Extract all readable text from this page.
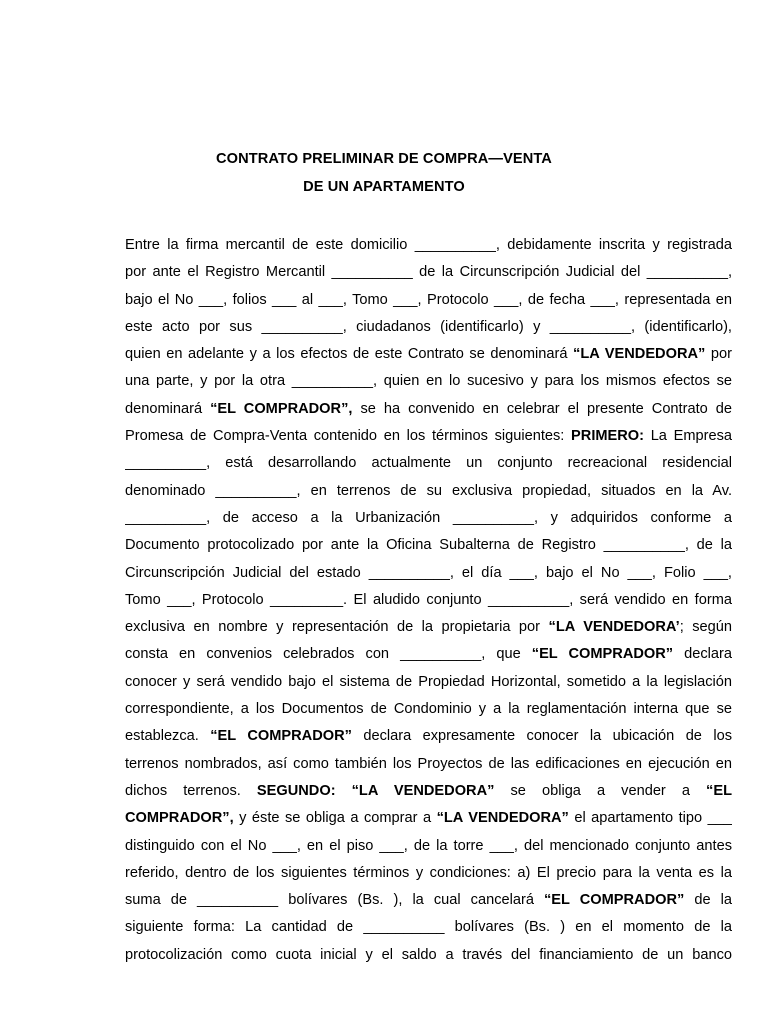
CONTRATO PRELIMINAR DE COMPRA—VENTA
DE UN APARTAMENTO
Entre la firma mercantil de este domicilio __________, debidamente inscrita y registrada
por ante el Registro Mercantil __________ de la Circunscripción Judicial del __________,
bajo el No ___, folios ___ al ___, Tomo ___, Protocolo ___, de fecha ___, representada en
este acto por sus __________, ciudadanos (identificarlo) y __________, (identificarlo),
quien en adelante y a los efectos de este Contrato se denominará “LA VENDEDORA” por
una parte, y por la otra __________, quien en lo sucesivo y para los mismos efectos se
denominará “EL COMPRADOR”, se ha convenido en celebrar el presente Contrato de
Promesa de Compra-Venta contenido en los términos siguientes: PRIMERO: La Empresa
__________, está desarrollando actualmente un conjunto recreacional residencial
denominado __________, en terrenos de su exclusiva propiedad, situados en la Av.
__________, de acceso a la Urbanización __________, y adquiridos conforme a
Documento protocolizado por ante la Oficina Subalterna de Registro __________, de la
Circunscripción Judicial del estado __________, el día ___, bajo el No ___, Folio ___,
Tomo ___, Protocolo _________. El aludido conjunto __________, será vendido en forma
exclusiva en nombre y representación de la propietaria por “LA VENDEDORA’; según
consta en convenios celebrados con __________, que “EL COMPRADOR” declara
conocer y será vendido bajo el sistema de Propiedad Horizontal, sometido a la legislación
correspondiente, a los Documentos de Condominio y a la reglamentación interna que se
establezca. “EL COMPRADOR” declara expresamente conocer la ubicación de los
terrenos nombrados, así como también los Proyectos de las edificaciones en ejecución en
dichos terrenos. SEGUNDO: “LA VENDEDORA” se obliga a vender a “EL
COMPRADOR”, y éste se obliga a comprar a “LA VENDEDORA” el apartamento tipo ___
distinguido con el No ___, en el piso ___, de la torre ___, del mencionado conjunto antes
referido, dentro de los siguientes términos y condiciones: a) El precio para la venta es la
suma de __________ bolívares (Bs. ), la cual cancelará “EL COMPRADOR” de la
siguiente forma: La cantidad de __________ bolívares (Bs. ) en el momento de la
protocolización como cuota inicial y el saldo a través del financiamiento de un banco
